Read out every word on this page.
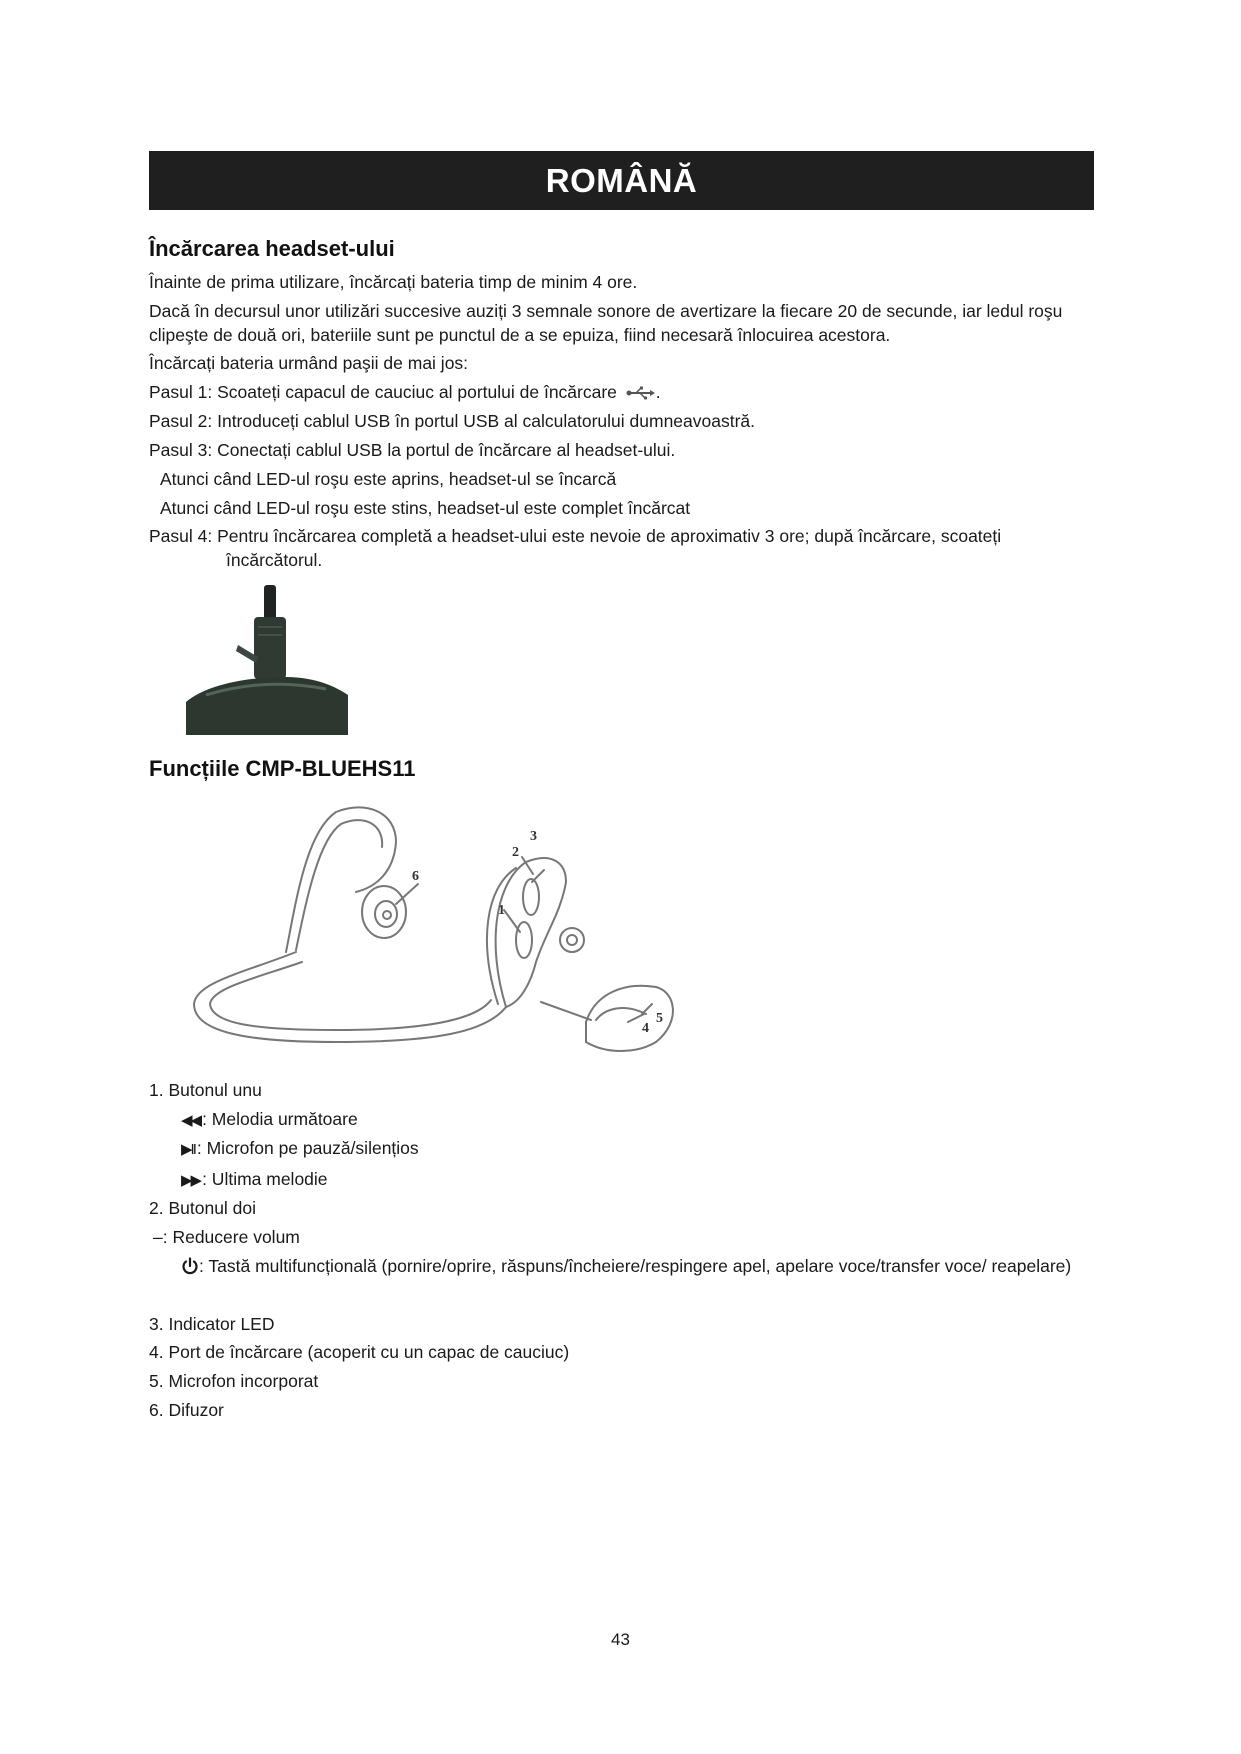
ROMÂNĂ
Încărcarea headset-ului
Înainte de prima utilizare, încărcați bateria timp de minim 4 ore.
Dacă în decursul unor utilizări succesive auziți 3 semnale sonore de avertizare la fiecare 20 de secunde, iar ledul roşu clipeşte de două ori, bateriile sunt pe punctul de a se epuiza, fiind necesară înlocuirea acestora.
Încărcați bateria urmând paşii de mai jos:
Pasul 1: Scoateți capacul de cauciuc al portului de încărcare .
Pasul 2: Introduceți cablul USB în portul USB al calculatorului dumneavoastră.
Pasul 3: Conectați cablul USB la portul de încărcare al headset-ului.
Atunci când LED-ul roşu este aprins, headset-ul se încarcă
Atunci când LED-ul roşu este stins, headset-ul este complet încărcat
Pasul 4: Pentru încărcarea completă a headset-ului este nevoie de aproximativ 3 ore; după încărcare, scoateți încărcătorul.
Funcțiile CMP-BLUEHS11
1
2
3
4
5
6
1. Butonul unu
◀◀ : Melodia următoare
▶II : Microfon pe pauză/silențios
▶▶ : Ultima melodie
2. Butonul doi
–: Reducere volum
: Tastă multifuncțională (pornire/oprire, răspuns/încheiere/respingere apel, apelare voce/transfer voce/ reapelare)
3. Indicator LED
4. Port de încărcare (acoperit cu un capac de cauciuc)
5. Microfon incorporat
6. Difuzor
43
